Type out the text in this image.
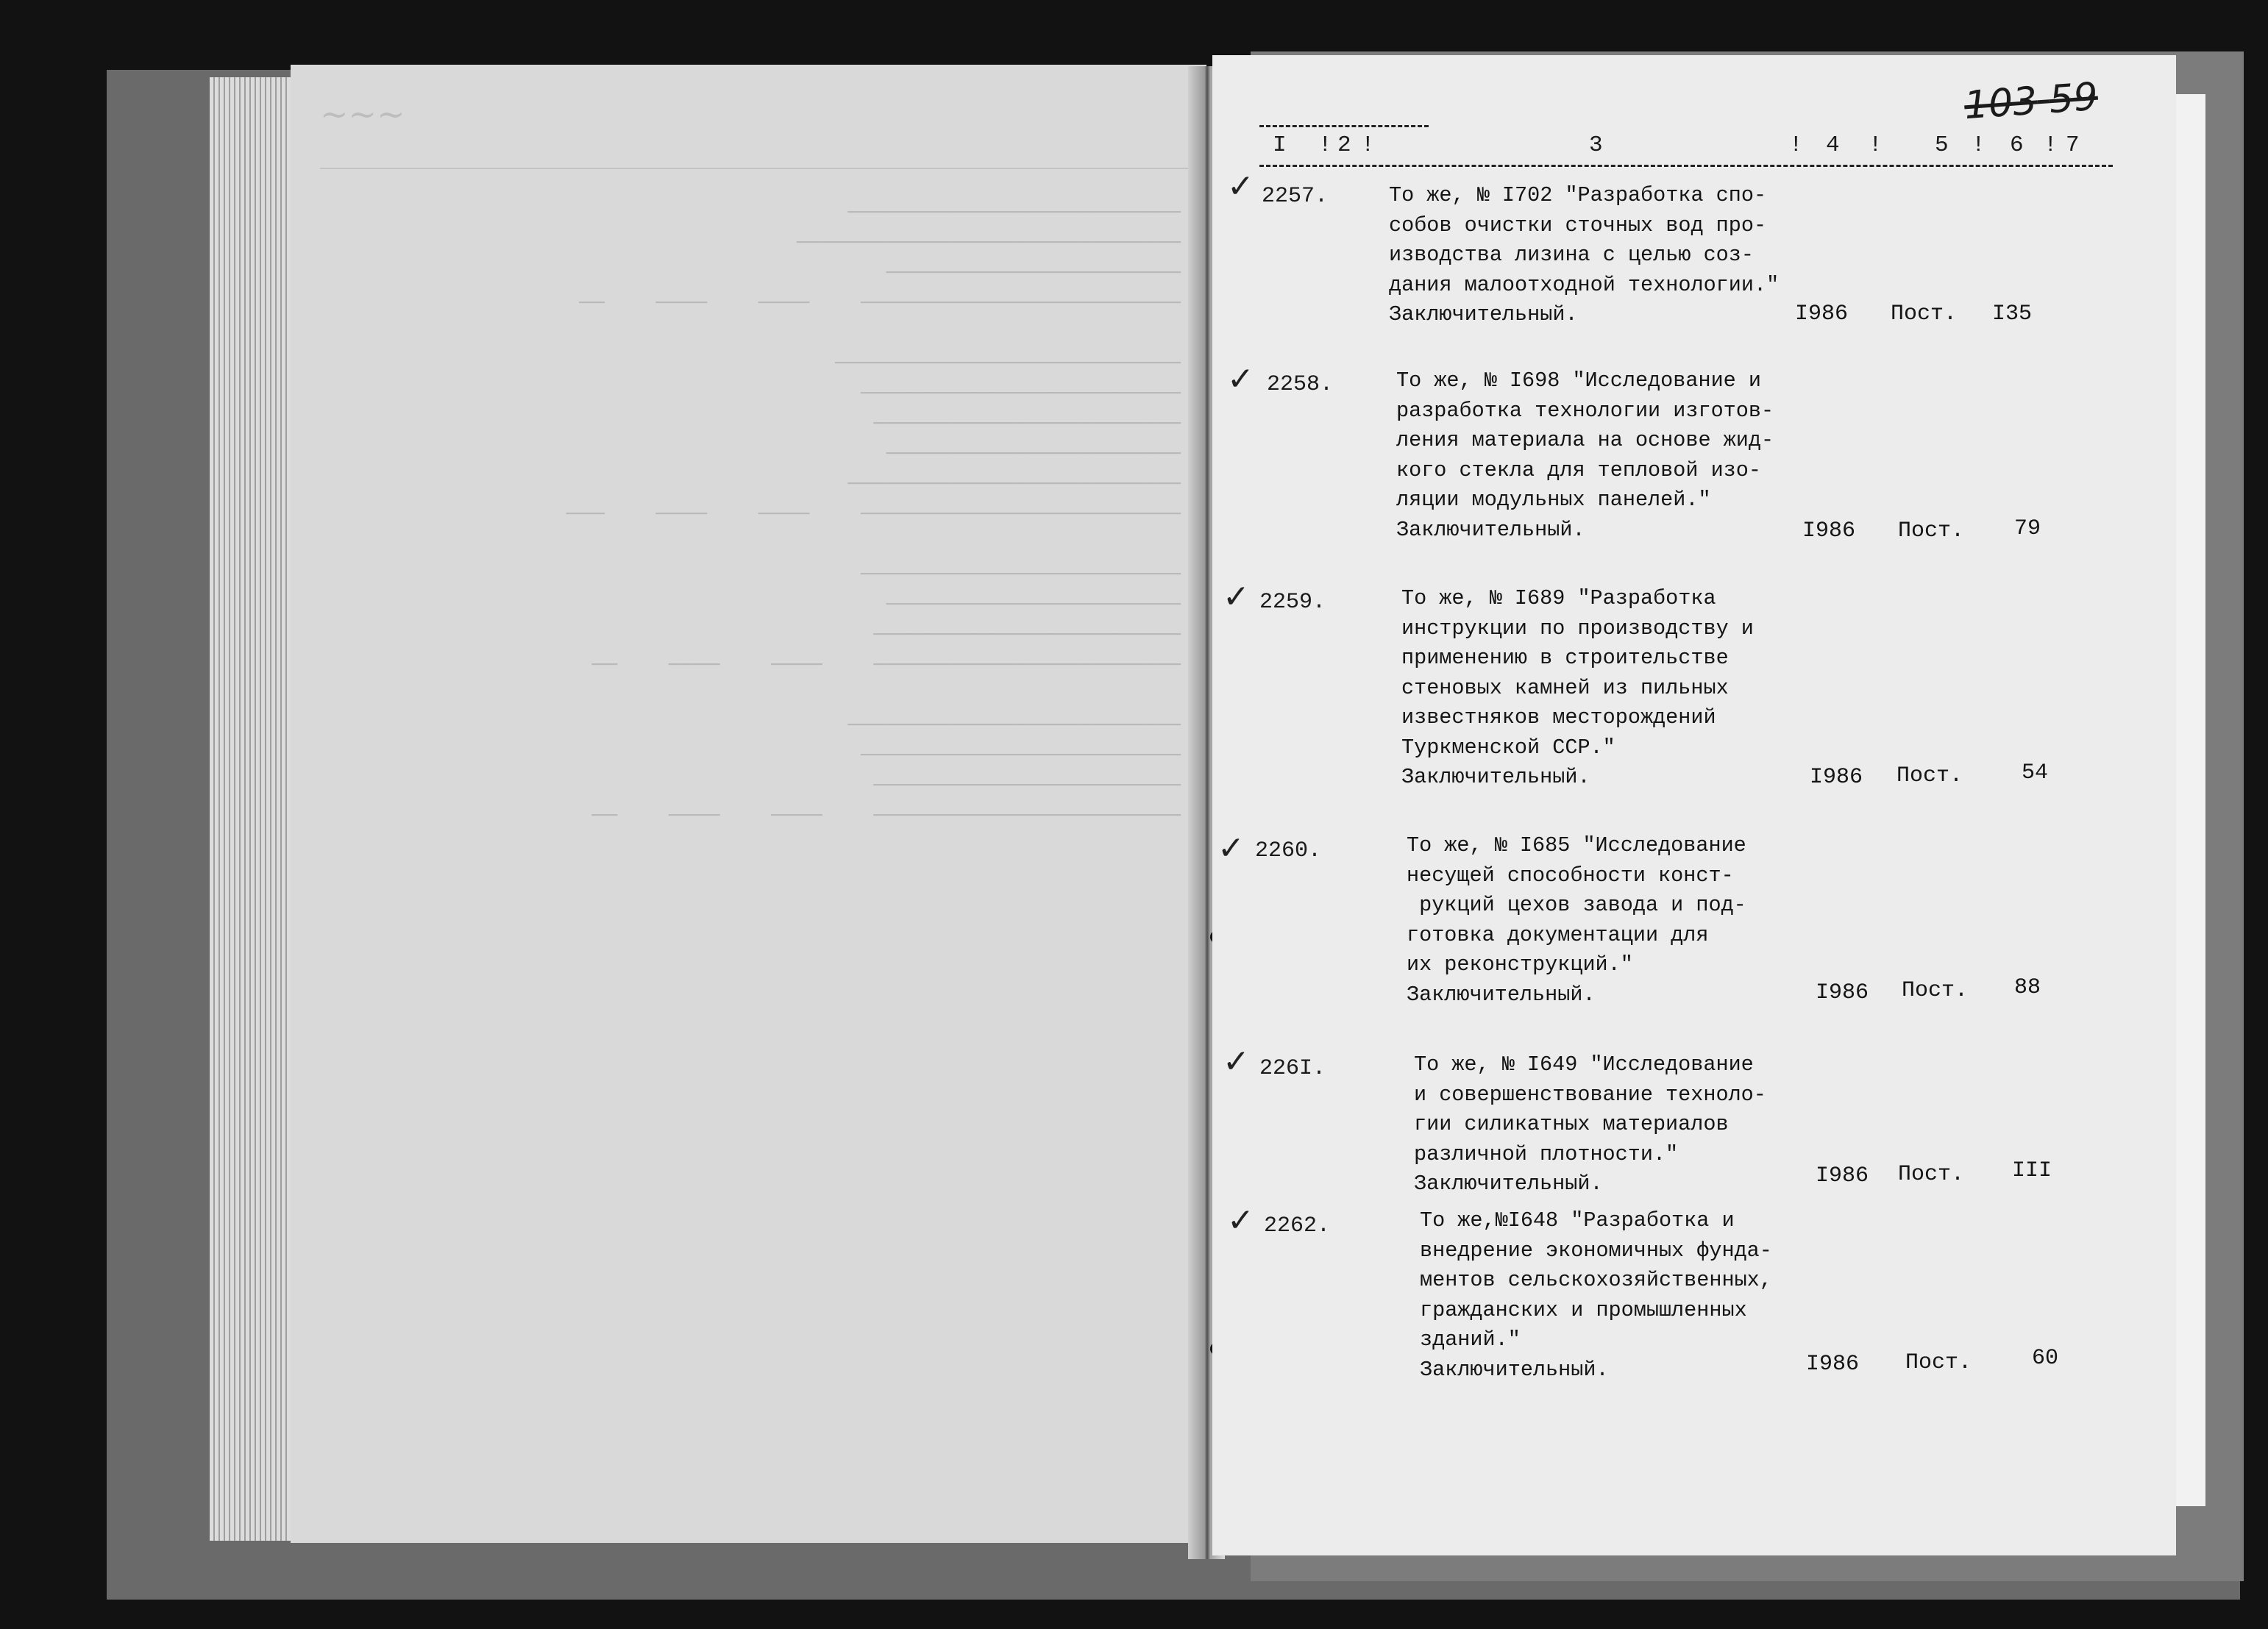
~~~

──────────────────────────
──────────────────────────────
───────────────────────
─────────────────────────    ────    ────    ──

───────────────────────────
─────────────────────────
────────────────────────
───────────────────────
──────────────────────────
─────────────────────────    ────    ────    ───

─────────────────────────
───────────────────────
────────────────────────
────────────────────────    ────    ────    ──

──────────────────────────
─────────────────────────
────────────────────────
────────────────────────    ────    ────    ──

103 59
I ! 2 !	3	! 4 ! 5 ! 6 ! 7
✓ 2257.	То же, № I702 "Разработка спо-
собов очистки сточных вод про-
изводства лизина с целью соз-
дания малоотходной технологии."
Заключительный.	I986 Пост. I35
✓ 2258.	То же, № I698 "Исследование и
разработка технологии изготов-
ления материала на основе жид-
кого стекла для тепловой изо-
ляции модульных панелей."
Заключительный.	I986 Пост. 79
✓ 2259.	То же, № I689 "Разработка
инструкции по производству и
применению в строительстве
стеновых камней из пильных
известняков месторождений
Туркменской ССР."
Заключительный.	I986 Пост.	54
✓ 2260.	То же, № I685 "Исследование
несущей способности конст-
рукций цехов завода и под-
готовка документации для
их реконструкций."
Заключительный.	I986 Пост. 88
✓ 226I.	То же, № I649 "Исследование
и совершенствование техноло-
гии силикатных материалов
различной плотности."
Заключительный.	I986 Пост. III
✓ 2262.	То же,№I648 "Разработка и
внедрение экономичных фунда-
ментов сельскохозяйственных,
гражданских и промышленных
зданий."
Заключительный.	I986 Пост.	60
